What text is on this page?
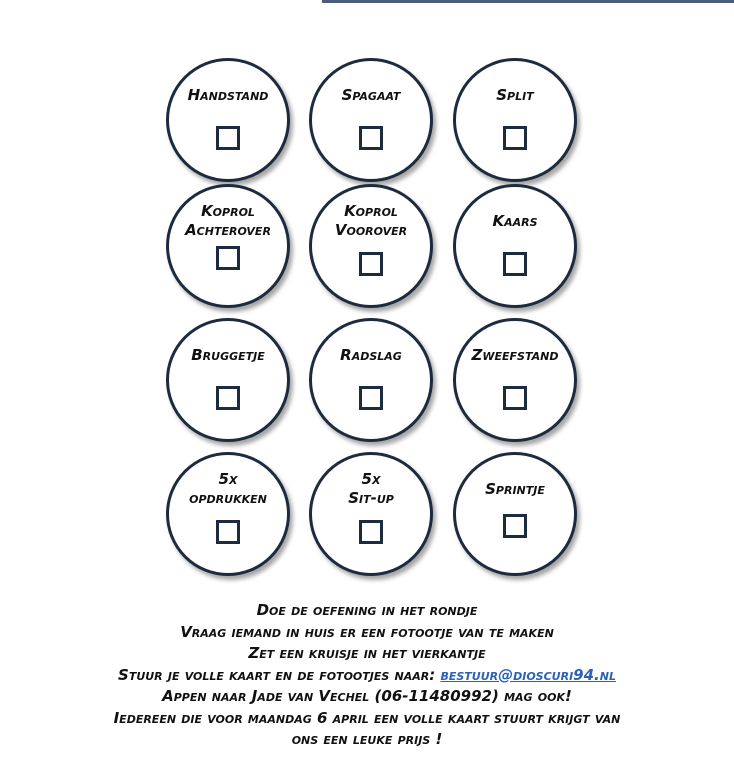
Handstand	Spagaat	Split
Koprol
Achterover
Koprol
Voorover	Kaars
Bruggetje	Radslag	Zweefstand
5x
opdrukken
5x
Sit-up	Sprintje
Doe de oefening in het rondje
Vraag iemand in huis er een fotootje van te maken
Zet een kruisje in het vierkantje
Stuur je volle kaart en de fotootjes naar: bestuur@dioscuri94.nl
Appen naar Jade van Vechel (06-11480992) mag ook!
Iedereen die voor maandag 6 april een volle kaart stuurt krijgt van
ons een leuke prijs !
